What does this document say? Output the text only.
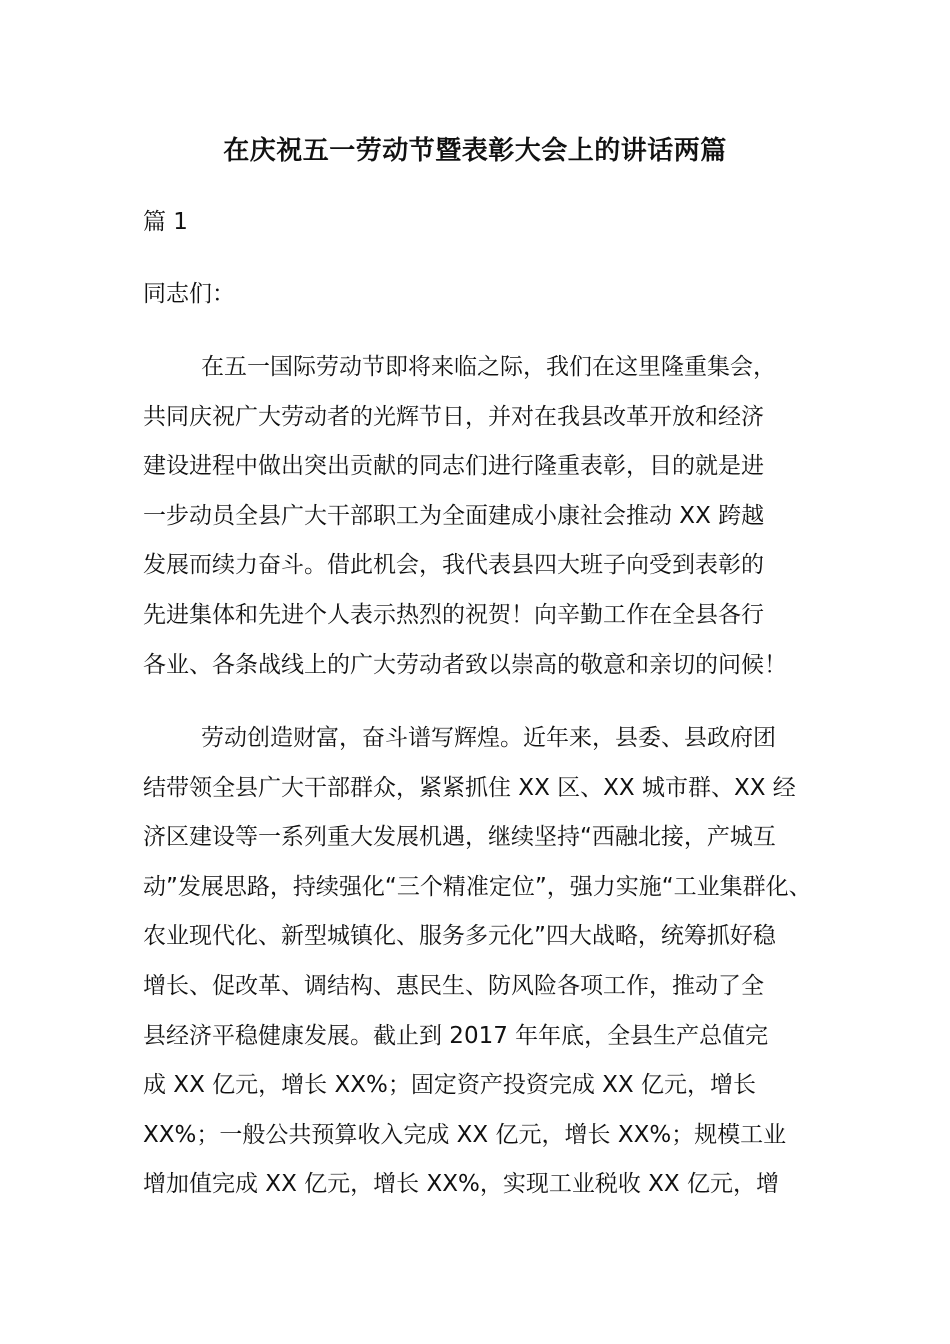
在庆祝五一劳动节暨表彰大会上的讲话两篇

篇 1

同志们：

在五一国际劳动节即将来临之际，我们在这里隆重集会，
共同庆祝广大劳动者的光辉节日，并对在我县改革开放和经济
建设进程中做出突出贡献的同志们进行隆重表彰，目的就是进
一步动员全县广大干部职工为全面建成小康社会推动 XX 跨越
发展而续力奋斗。借此机会，我代表县四大班子向受到表彰的
先进集体和先进个人表示热烈的祝贺！向辛勤工作在全县各行
各业、各条战线上的广大劳动者致以崇高的敬意和亲切的问候！

劳动创造财富，奋斗谱写辉煌。近年来，县委、县政府团
结带领全县广大干部群众，紧紧抓住 XX 区、XX 城市群、XX 经
济区建设等一系列重大发展机遇，继续坚持“西融北接，产城互
动”发展思路，持续强化“三个精准定位”，强力实施“工业集群化、
农业现代化、新型城镇化、服务多元化”四大战略，统筹抓好稳
增长、促改革、调结构、惠民生、防风险各项工作，推动了全
县经济平稳健康发展。截止到 2017 年年底，全县生产总值完
成 XX 亿元，增长 XX%；固定资产投资完成 XX 亿元，增长
XX%；一般公共预算收入完成 XX 亿元，增长 XX%；规模工业
增加值完成 XX 亿元，增长 XX%，实现工业税收 XX 亿元，增
